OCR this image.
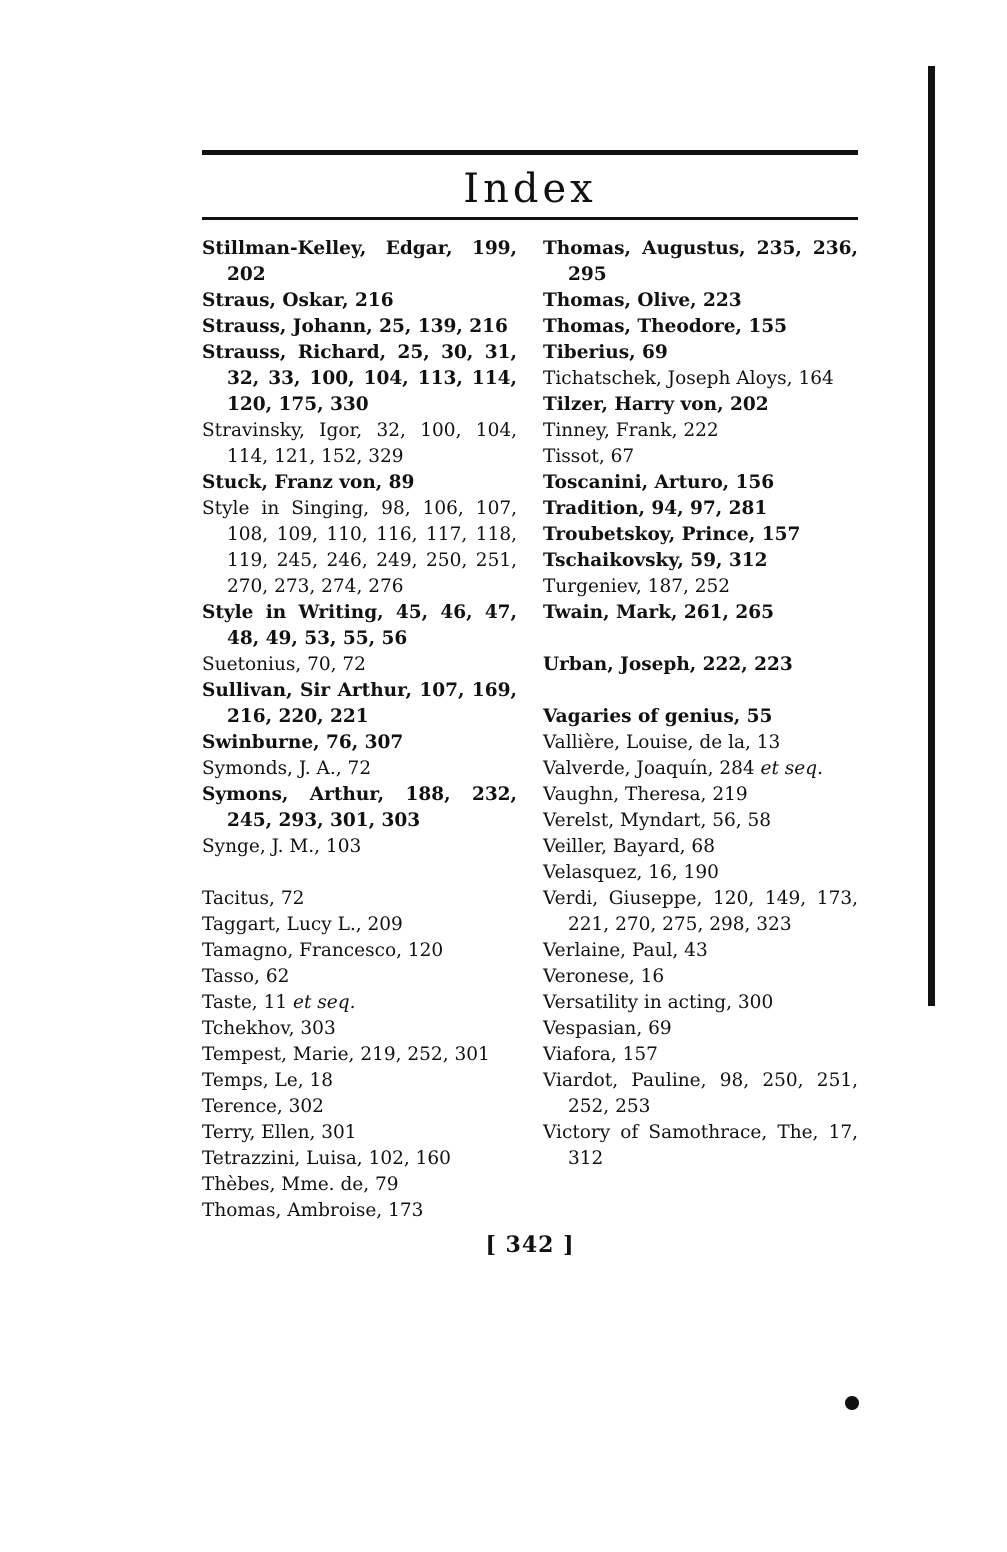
Index
Stillman-Kelley, Edgar, 199, 202
Straus, Oskar, 216
Strauss, Johann, 25, 139, 216
Strauss, Richard, 25, 30, 31, 32, 33, 100, 104, 113, 114, 120, 175, 330
Stravinsky, Igor, 32, 100, 104, 114, 121, 152, 329
Stuck, Franz von, 89
Style in Singing, 98, 106, 107, 108, 109, 110, 116, 117, 118, 119, 245, 246, 249, 250, 251, 270, 273, 274, 276
Style in Writing, 45, 46, 47, 48, 49, 53, 55, 56
Suetonius, 70, 72
Sullivan, Sir Arthur, 107, 169, 216, 220, 221
Swinburne, 76, 307
Symonds, J. A., 72
Symons, Arthur, 188, 232, 245, 293, 301, 303
Synge, J. M., 103
Tacitus, 72
Taggart, Lucy L., 209
Tamagno, Francesco, 120
Tasso, 62
Taste, 11 et seq.
Tchekhov, 303
Tempest, Marie, 219, 252, 301
Temps, Le, 18
Terence, 302
Terry, Ellen, 301
Tetrazzini, Luisa, 102, 160
Thèbes, Mme. de, 79
Thomas, Ambroise, 173
Thomas, Augustus, 235, 236, 295
Thomas, Olive, 223
Thomas, Theodore, 155
Tiberius, 69
Tichatschek, Joseph Aloys, 164
Tilzer, Harry von, 202
Tinney, Frank, 222
Tissot, 67
Toscanini, Arturo, 156
Tradition, 94, 97, 281
Troubetskoy, Prince, 157
Tschaikovsky, 59, 312
Turgeniev, 187, 252
Twain, Mark, 261, 265
Urban, Joseph, 222, 223
Vagaries of genius, 55
Vallière, Louise, de la, 13
Valverde, Joaquín, 284 et seq.
Vaughn, Theresa, 219
Verelst, Myndart, 56, 58
Veiller, Bayard, 68
Velasquez, 16, 190
Verdi, Giuseppe, 120, 149, 173, 221, 270, 275, 298, 323
Verlaine, Paul, 43
Veronese, 16
Versatility in acting, 300
Vespasian, 69
Viafora, 157
Viardot, Pauline, 98, 250, 251, 252, 253
Victory of Samothrace, The, 17, 312
[ 342 ]
